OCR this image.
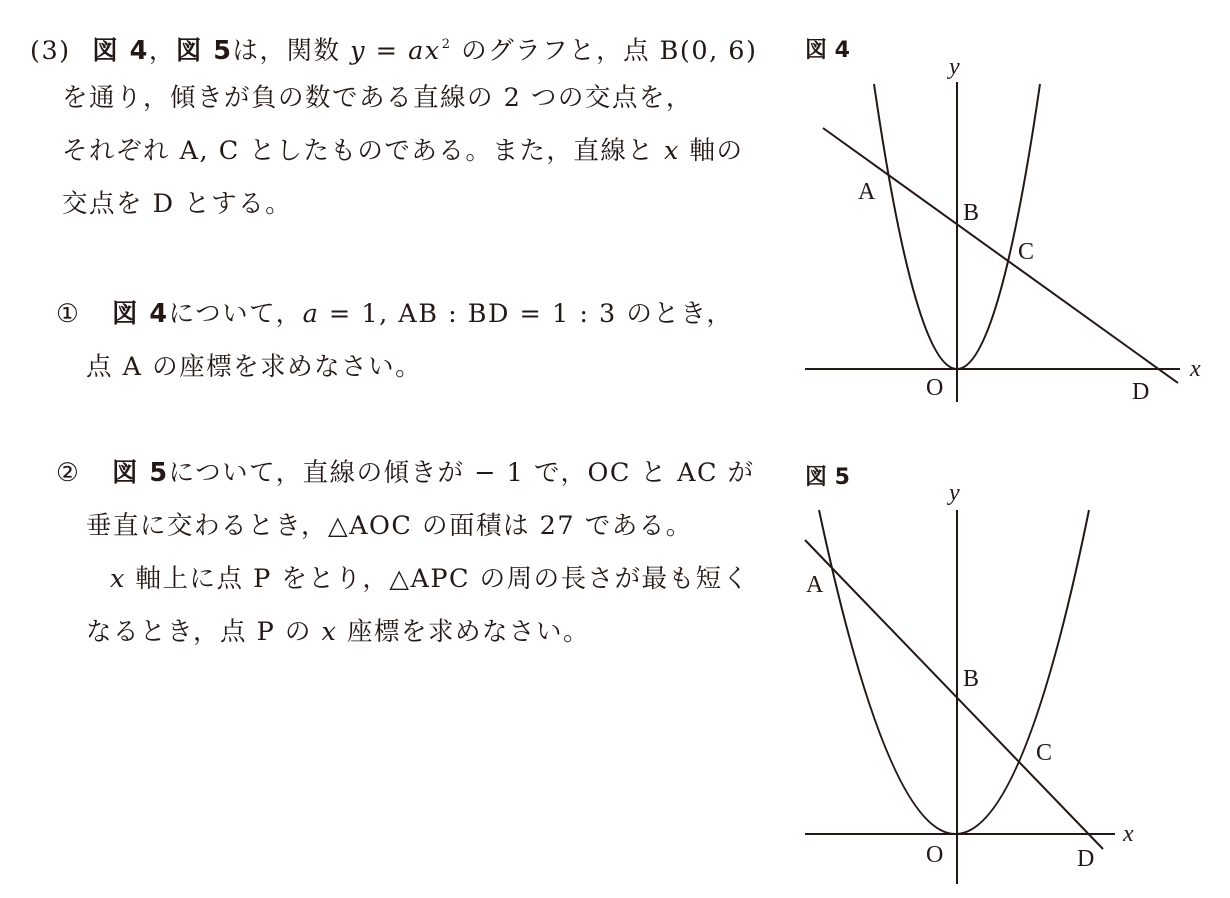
(3) 図 4，図 5は，関数 $y = ax^2$ のグラフと，点 B(0, 6)
を通り，傾きが負の数である直線の 2 つの交点を，
それぞれ A, C としたものである。また，直線と x 軸の
交点を D とする。
① 図 4について，a = 1, AB : BD = 1 : 3 のとき，
点 A の座標を求めなさい。
② 図 5について，直線の傾きが − 1 で，OC と AC が
垂直に交わるとき，△AOC の面積は 27 である。
x 軸上に点 P をとり，△APC の周の長さが最も短く
なるとき，点 P の x 座標を求めなさい。
図 4
y
x
O
A
B
C
D
図 5
y
x
O
A
B
C
D
